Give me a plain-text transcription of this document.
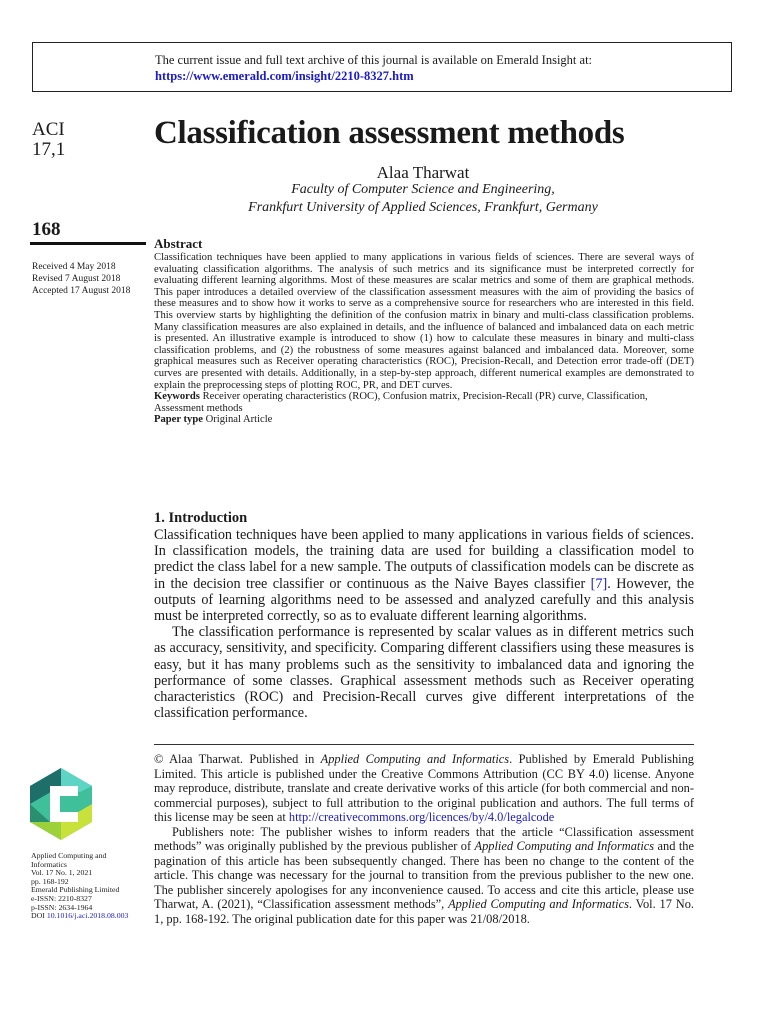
The current issue and full text archive of this journal is available on Emerald Insight at:
https://www.emerald.com/insight/2210-8327.htm
ACI
17,1
168
Received 4 May 2018
Revised 7 August 2018
Accepted 17 August 2018
Classification assessment methods
Alaa Tharwat
Faculty of Computer Science and Engineering,
Frankfurt University of Applied Sciences, Frankfurt, Germany
Abstract

Classification techniques have been applied to many applications in various fields of sciences. There are several ways of evaluating classification algorithms. The analysis of such metrics and its significance must be interpreted correctly for evaluating different learning algorithms. Most of these measures are scalar metrics and some of them are graphical methods. This paper introduces a detailed overview of the classification assessment measures with the aim of providing the basics of these measures and to show how it works to serve as a comprehensive source for researchers who are interested in this field. This overview starts by highlighting the definition of the confusion matrix in binary and multi-class classification problems. Many classification measures are also explained in details, and the influence of balanced and imbalanced data on each metric is presented. An illustrative example is introduced to show (1) how to calculate these measures in binary and multi-class classification problems, and (2) the robustness of some measures against balanced and imbalanced data. Moreover, some graphical measures such as Receiver operating characteristics (ROC), Precision-Recall, and Detection error trade-off (DET) curves are presented with details. Additionally, in a step-by-step approach, different numerical examples are demonstrated to explain the preprocessing steps of plotting ROC, PR, and DET curves.

Keywords Receiver operating characteristics (ROC), Confusion matrix, Precision-Recall (PR) curve, Classification, Assessment methods

Paper type Original Article

1. Introduction

Classification techniques have been applied to many applications in various fields of sciences. In classification models, the training data are used for building a classification model to predict the class label for a new sample. The outputs of classification models can be discrete as in the decision tree classifier or continuous as the Naive Bayes classifier [7]. However, the outputs of learning algorithms need to be assessed and analyzed carefully and this analysis must be interpreted correctly, so as to evaluate different learning algorithms.

The classification performance is represented by scalar values as in different metrics such as accuracy, sensitivity, and specificity. Comparing different classifiers using these measures is easy, but it has many problems such as the sensitivity to imbalanced data and ignoring the performance of some classes. Graphical assessment methods such as Receiver operating characteristics (ROC) and Precision-Recall curves give different interpretations of the classification performance.

© Alaa Tharwat. Published in Applied Computing and Informatics. Published by Emerald Publishing Limited. This article is published under the Creative Commons Attribution (CC BY 4.0) license. Anyone may reproduce, distribute, translate and create derivative works of this article (for both commercial and non-commercial purposes), subject to full attribution to the original publication and authors. The full terms of this license may be seen at http://creativecommons.org/licences/by/4.0/legalcode

Publishers note: The publisher wishes to inform readers that the article “Classification assessment methods” was originally published by the previous publisher of Applied Computing and Informatics and the pagination of this article has been subsequently changed. There has been no change to the content of the article. This change was necessary for the journal to transition from the previous publisher to the new one. The publisher sincerely apologises for any inconvenience caused. To access and cite this article, please use Tharwat, A. (2021), “Classification assessment methods”, Applied Computing and Informatics. Vol. 17 No. 1, pp. 168-192. The original publication date for this paper was 21/08/2018.

Applied Computing and
Informatics
Vol. 17 No. 1, 2021
pp. 168-192
Emerald Publishing Limited
e-ISSN: 2210-8327
p-ISSN: 2634-1964
DOI 10.1016/j.aci.2018.08.003
